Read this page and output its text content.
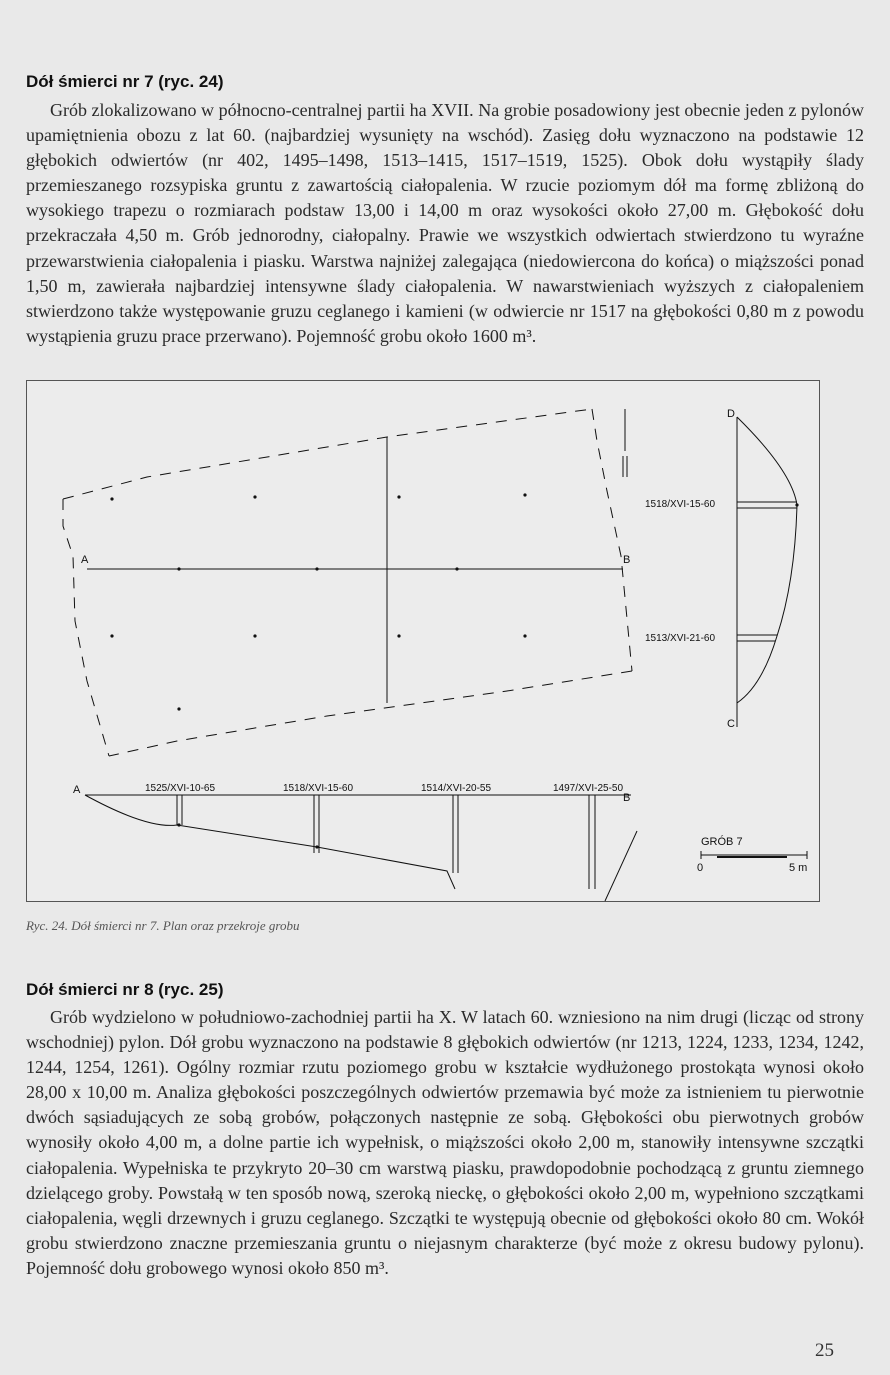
Dół śmierci nr 7 (ryc. 24)

Grób zlokalizowano w północno-centralnej partii ha XVII. Na grobie posadowiony jest obecnie jeden z pylonów upamiętnienia obozu z lat 60. (najbardziej wysunięty na wschód). Zasięg dołu wyznaczono na podstawie 12 głębokich odwiertów (nr 402, 1495–1498, 1513–1415, 1517–1519, 1525). Obok dołu wystąpiły ślady przemieszanego rozsypiska gruntu z zawartością ciałopalenia. W rzucie poziomym dół ma formę zbliżoną do wysokiego trapezu o rozmiarach podstaw 13,00 i 14,00 m oraz wysokości około 27,00 m. Głębokość dołu przekraczała 4,50 m. Grób jednorodny, ciałopalny. Prawie we wszystkich odwiertach stwierdzono tu wyraźne przewarstwienia ciałopalenia i piasku. Warstwa najniżej zalegająca (niedowiercona do końca) o miąższości ponad 1,50 m, zawierała najbardziej intensywne ślady ciałopalenia. W nawarstwieniach wyższych z ciałopaleniem stwierdzono także występowanie gruzu ceglanego i kamieni (w odwiercie nr 1517 na głębokości 0,80 m z powodu wystąpienia gruzu prace przerwano). Pojemność grobu około 1600 m³.

A	B
D
C
1518/XVI-15-60
1513/XVI-21-60
A
B
1525/XVI-10-65	1518/XVI-15-60	1514/XVI-20-55	1497/XVI-25-50
GRÓB 7
0	5 m
Ryc. 24. Dół śmierci nr 7. Plan oraz przekroje grobu
Dół śmierci nr 8 (ryc. 25)

Grób wydzielono w południowo-zachodniej partii ha X. W latach 60. wzniesiono na nim drugi (licząc od strony wschodniej) pylon. Dół grobu wyznaczono na podstawie 8 głębokich odwiertów (nr 1213, 1224, 1233, 1234, 1242, 1244, 1254, 1261). Ogólny rozmiar rzutu poziomego grobu w kształcie wydłużonego prostokąta wynosi około 28,00 x 10,00 m. Analiza głębokości poszczególnych odwiertów przemawia być może za istnieniem tu pierwotnie dwóch sąsiadujących ze sobą grobów, połączonych następnie ze sobą. Głębokości obu pierwotnych grobów wynosiły około 4,00 m, a dolne partie ich wypełnisk, o miąższości około 2,00 m, stanowiły intensywne szczątki ciałopalenia. Wypełniska te przykryto 20–30 cm warstwą piasku, prawdopodobnie pochodzącą z gruntu ziemnego dzielącego groby. Powstałą w ten sposób nową, szeroką nieckę, o głębokości około 2,00 m, wypełniono szczątkami ciałopalenia, węgli drzewnych i gruzu ceglanego. Szczątki te występują obecnie od głębokości około 80 cm. Wokół grobu stwierdzono znaczne przemieszania gruntu o niejasnym charakterze (być może z okresu budowy pylonu). Pojemność dołu grobowego wynosi około 850 m³.

25
